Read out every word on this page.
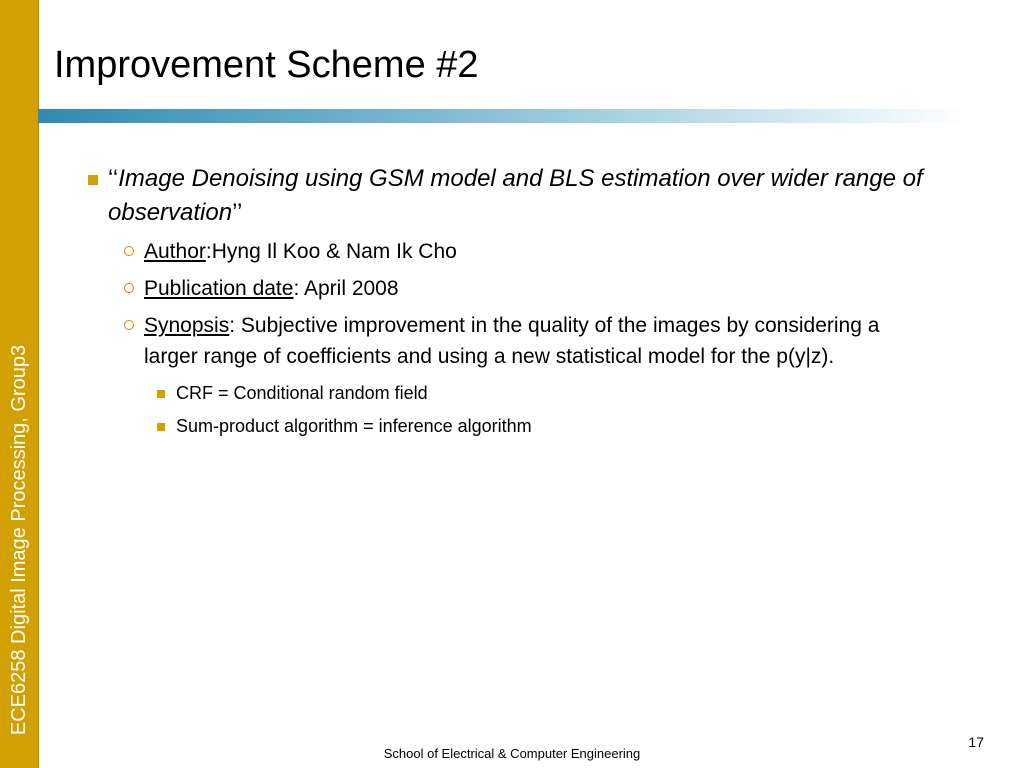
ECE6258 Digital Image Processing, Group3
Improvement Scheme #2
‘‘Image Denoising using GSM model and BLS estimation over wider range of observation’’
Author:Hyng Il Koo & Nam Ik Cho
Publication date: April 2008
Synopsis: Subjective improvement in the quality of the images by considering a larger range of coefficients and using a new statistical model for the p(y|z).
CRF = Conditional random field
Sum-product algorithm = inference algorithm
School of Electrical & Computer Engineering
17
